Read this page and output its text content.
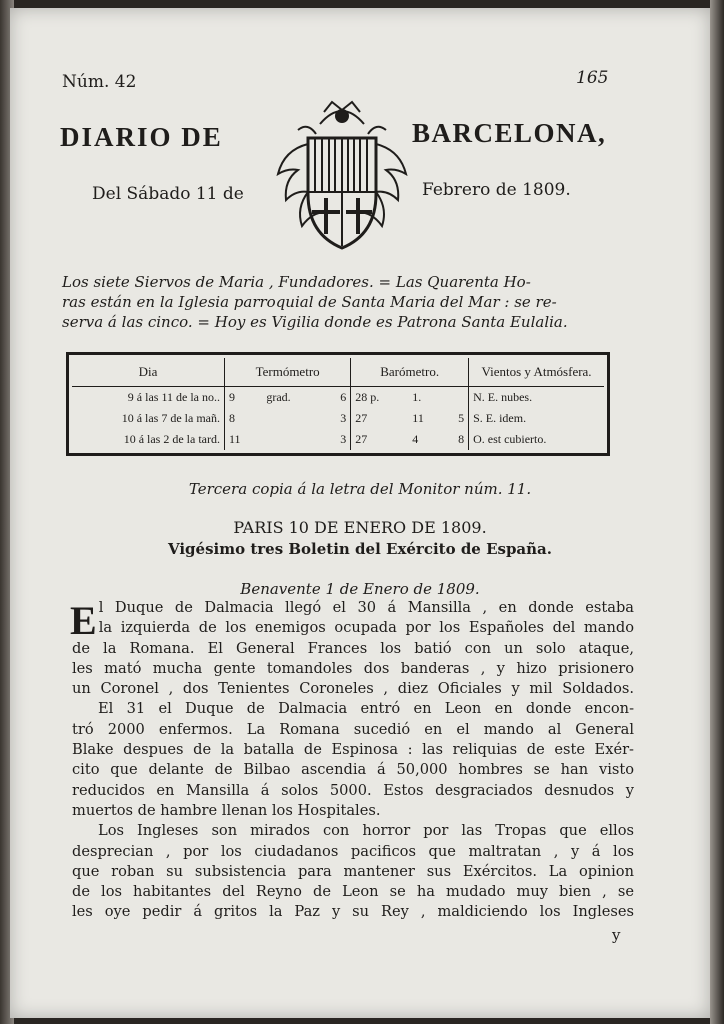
Núm. 42	165
DIARIO DE	BARCELONA,
Del Sábado 11 de	Febrero de 1809.
Los siete Siervos de Maria , Fundadores. = Las Quarenta Ho-
ras están en la Iglesia parroquial de Santa Maria del Mar : se re-
serva á las cinco. = Hoy es Vigilia donde es Patrona Santa Eulalia.
Dia	Termómetro			Barómetro.			Vientos y Atmósfera.
9 á las 11 de la no..	9	grad.	6	28 p.	1.		N. E. nubes.
10 á las 7 de la mañ.	8		3	27	11	5	S. E. idem.
10 á las 2 de la tard.	11		3	27	4	8	O. est cubierto.
Tercera copia á la letra del Monitor núm. 11.
PARIS 10 DE ENERO DE 1809.
Vigésimo tres Boletin del Exército de España.
Benavente 1 de Enero de 1809.
E l Duque de Dalmacia llegó el 30 á Mansilla , en donde estaba
la izquierda de los enemigos ocupada por los Españoles del mando
de la Romana. El General Frances los batió con un solo ataque,
les mató mucha gente tomandoles dos banderas , y hizo prisionero
un Coronel , dos Tenientes Coroneles , diez Oficiales y mil Soldados.
El 31 el Duque de Dalmacia entró en Leon en donde encon-
tró 2000 enfermos. La Romana sucedió en el mando al General
Blake despues de la batalla de Espinosa : las reliquias de este Exér-
cito que delante de Bilbao ascendia á 50,000 hombres se han visto
reducidos en Mansilla á solos 5000. Estos desgraciados desnudos y
muertos de hambre llenan los Hospitales.
Los Ingleses son mirados con horror por las Tropas que ellos
desprecian , por los ciudadanos pacificos que maltratan , y á los
que roban su subsistencia para mantener sus Exércitos. La opinion
de los habitantes del Reyno de Leon se ha mudado muy bien , se
les oye pedir á gritos la Paz y su Rey , maldiciendo los Ingleses
y
